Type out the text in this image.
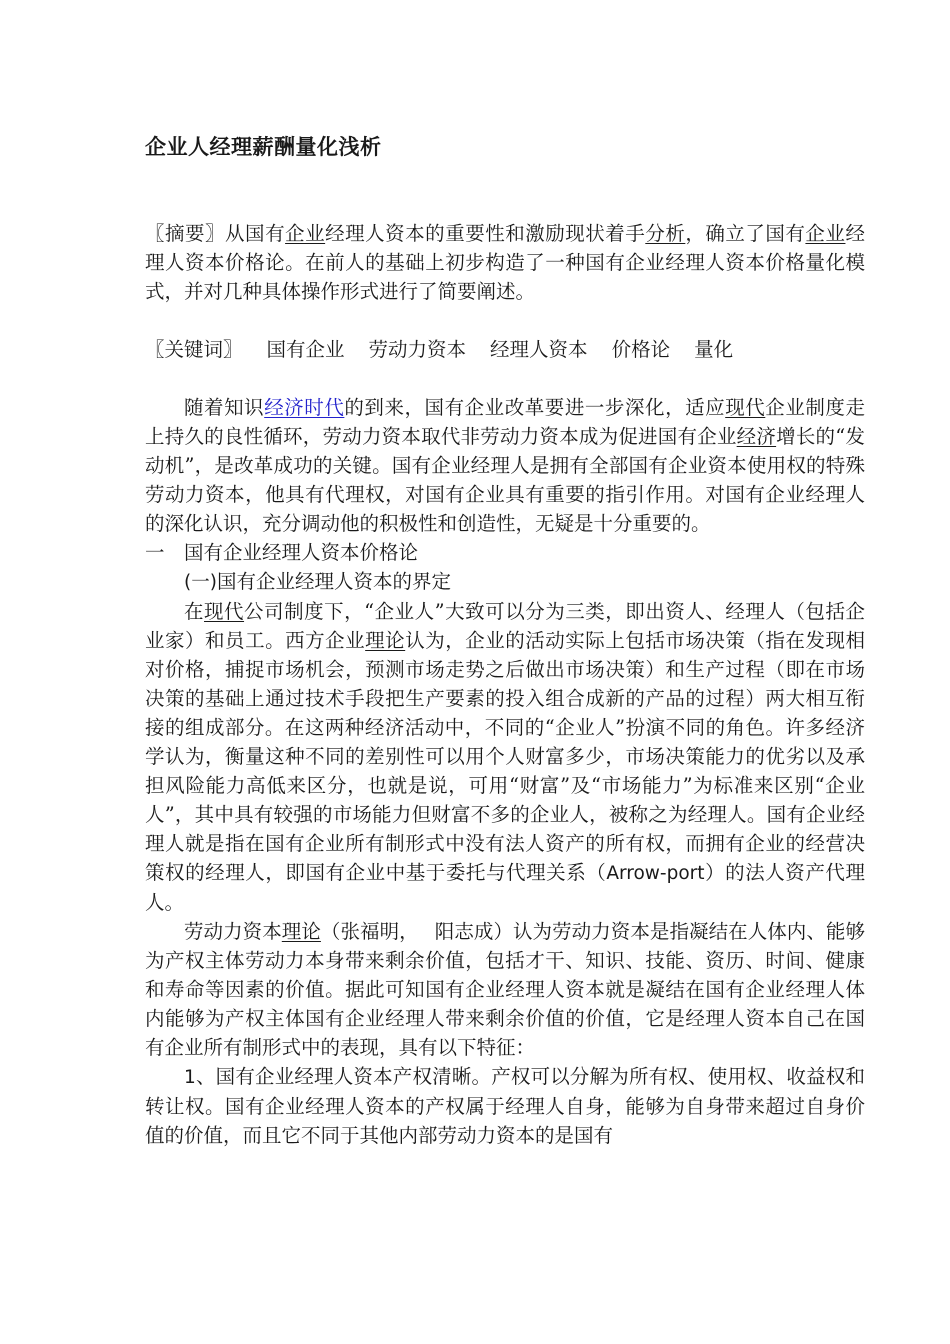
企业人经理薪酬量化浅析

〖摘要〗从国有企业经理人资本的重要性和激励现状着手分析，确立了国有企业经理人资本价格论。在前人的基础上初步构造了一种国有企业经理人资本价格量化模式，并对几种具体操作形式进行了简要阐述。

〖关键词〗 国有企业 劳动力资本 经理人资本 价格论 量化

随着知识经济时代的到来，国有企业改革要进一步深化，适应现代企业制度走上持久的良性循环，劳动力资本取代非劳动力资本成为促进国有企业经济增长的“发动机”，是改革成功的关键。国有企业经理人是拥有全部国有企业资本使用权的特殊劳动力资本，他具有代理权，对国有企业具有重要的指引作用。对国有企业经理人的深化认识，充分调动他的积极性和创造性，无疑是十分重要的。

一　国有企业经理人资本价格论

(一)国有企业经理人资本的界定

在现代公司制度下，“企业人”大致可以分为三类，即出资人、经理人（包括企业家）和员工。西方企业理论认为，企业的活动实际上包括市场决策（指在发现相对价格，捕捉市场机会，预测市场走势之后做出市场决策）和生产过程（即在市场决策的基础上通过技术手段把生产要素的投入组合成新的产品的过程）两大相互衔接的组成部分。在这两种经济活动中，不同的“企业人”扮演不同的角色。许多经济学认为，衡量这种不同的差别性可以用个人财富多少，市场决策能力的优劣以及承担风险能力高低来区分，也就是说，可用“财富”及“市场能力”为标准来区别“企业人”，其中具有较强的市场能力但财富不多的企业人，被称之为经理人。国有企业经理人就是指在国有企业所有制形式中没有法人资产的所有权，而拥有企业的经营决策权的经理人，即国有企业中基于委托与代理关系（Arrow-port）的法人资产代理人。

劳动力资本理论（张福明，　 阳志成）认为劳动力资本是指凝结在人体内、能够为产权主体劳动力本身带来剩余价值，包括才干、知识、技能、资历、时间、健康和寿命等因素的价值。据此可知国有企业经理人资本就是凝结在国有企业经理人体内能够为产权主体国有企业经理人带来剩余价值的价值，它是经理人资本自己在国有企业所有制形式中的表现，具有以下特征：

1、国有企业经理人资本产权清晰。产权可以分解为所有权、使用权、收益权和转让权。国有企业经理人资本的产权属于经理人自身，能够为自身带来超过自身价值的价值，而且它不同于其他内部劳动力资本的是国有
